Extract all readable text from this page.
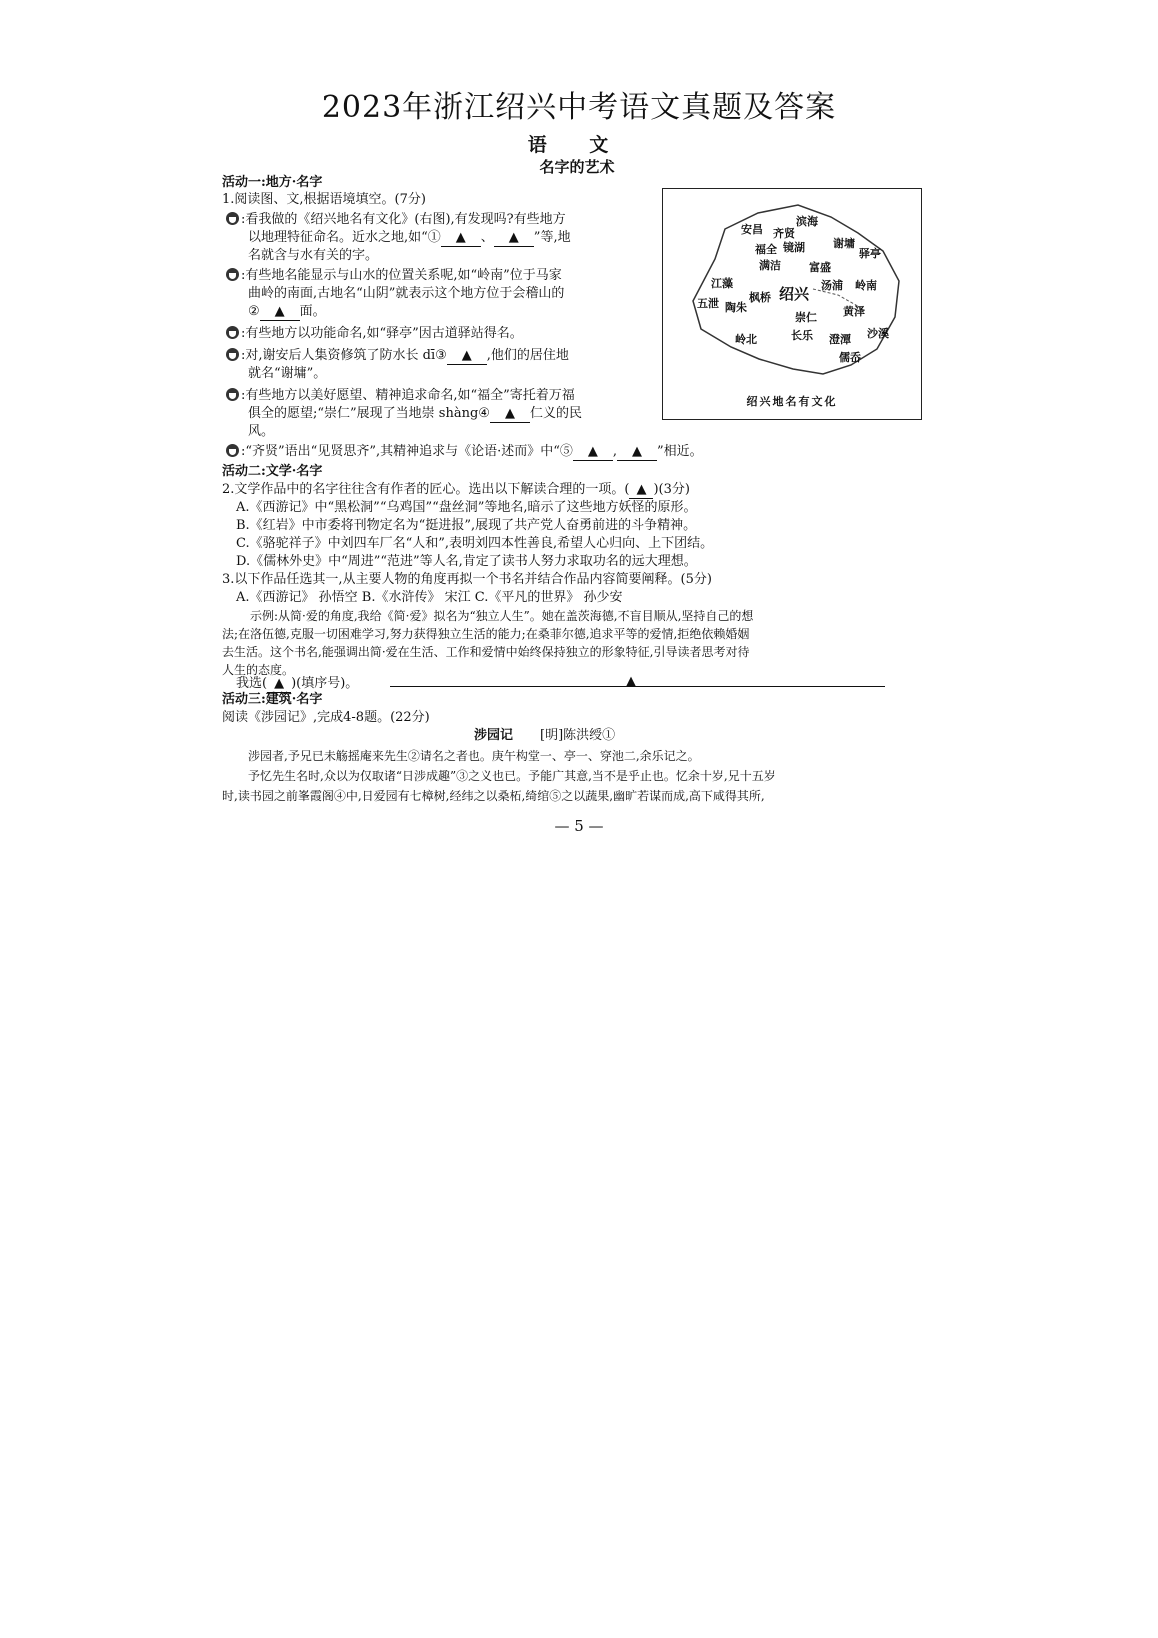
2023年浙江绍兴中考语文真题及答案
语 文
名字的艺术
活动一:地方·名字
1.阅读图、文,根据语境填空。(7分)
:看我做的《绍兴地名有文化》(右图),有发现吗?有些地方
以地理特征命名。近水之地,如“① ▲ 、 ▲ ”等,地
名就含与水有关的字。
:有些地名能显示与山水的位置关系呢,如“岭南”位于马家
曲岭的南面,古地名“山阴”就表示这个地方位于会稽山的
② ▲ 面。
:有些地方以功能命名,如“驿亭”因古道驿站得名。
:对,谢安后人集资修筑了防水长 dī③ ▲ ,他们的居住地
就名“谢墉”。
:有些地方以美好愿望、精神追求命名,如“福全”寄托着万福
俱全的愿望;“崇仁”展现了当地崇 shàng④ ▲ 仁义的民
风。
:“齐贤”语出“见贤思齐”,其精神追求与《论语·述而》中“⑤ ▲ , ▲ ”相近。
滨海
安昌 齐贤
谢墉
福全 镜湖	驿亭
满洁	富盛
江藻	汤浦 岭南
五泄	枫桥 绍兴
陶朱	黄泽
崇仁
长乐 澄潭 沙溪
岭北
儒岙
绍兴地名有文化
活动二:文学·名字
2.文学作品中的名字往往含有作者的匠心。选出以下解读合理的一项。( ▲ )(3分)
A.《西游记》中“黑松洞”“乌鸡国”“盘丝洞”等地名,暗示了这些地方妖怪的原形。
B.《红岩》中市委将刊物定名为“挺进报”,展现了共产党人奋勇前进的斗争精神。
C.《骆驼祥子》中刘四车厂名“人和”,表明刘四本性善良,希望人心归向、上下团结。
D.《儒林外史》中“周进”“范进”等人名,肯定了读书人努力求取功名的远大理想。
3.以下作品任选其一,从主要人物的角度再拟一个书名并结合作品内容简要阐释。(5分)
A.《西游记》 孙悟空 B.《水浒传》 宋江 C.《平凡的世界》 孙少安
示例:从简·爱的角度,我给《简·爱》拟名为“独立人生”。她在盖茨海德,不盲目顺从,坚持自己的想
法;在洛伍德,克服一切困难学习,努力获得独立生活的能力;在桑菲尔德,追求平等的爱情,拒绝依赖婚姻
去生活。这个书名,能强调出简·爱在生活、工作和爱情中始终保持独立的形象特征,引导读者思考对待
人生的态度。
我选( ▲ )(填序号)。	▲
活动三:建筑·名字
阅读《涉园记》,完成4-8题。(22分)
涉园记 [明]陈洪绶①
涉园者,予兄已未觞摇庵来先生②请名之者也。庚午构堂一、亭一、穿池二,余乐记之。
予忆先生名时,众以为仅取诸“日涉成趣”③之义也已。予能广其意,当不是乎止也。忆余十岁,兄十五岁
时,读书园之前峯霞阁④中,日爱园有七樟树,经纬之以桑柘,绮绾⑤之以蔬果,幽旷若谋而成,高下咸得其所,
— 5 —
